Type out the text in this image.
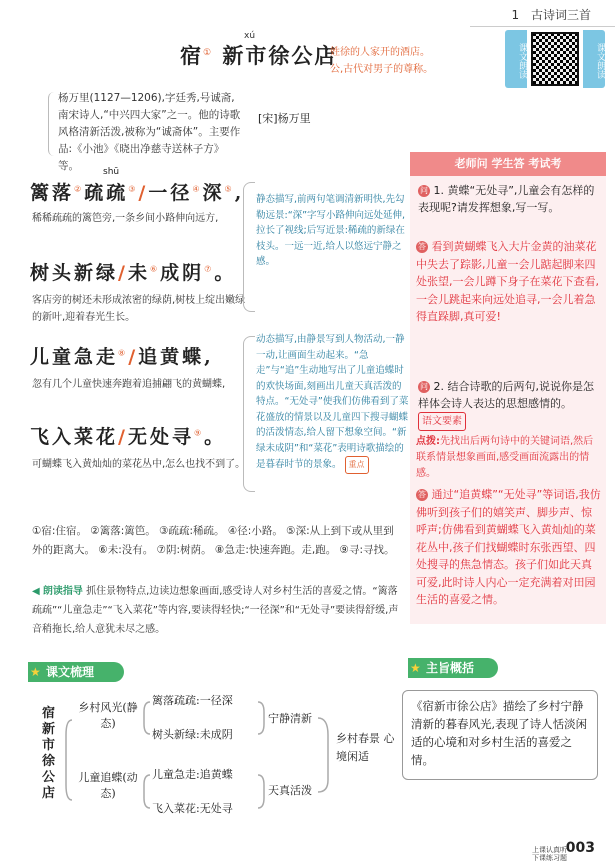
1 古诗词三首
xú
宿① 新市徐公店
姓徐的人家开的酒店。
公,古代对男子的尊称。	课文朗读	课文朗读
杨万里(1127—1206),字廷秀,号诚斋,南宋诗人,“中兴四大家”之一。他的诗歌风格清新活泼,被称为“诚斋体”。主要作品:《小池》《晓出净慈寺送林子方》等。
[宋]杨万里
shū
篱落②疏疏③/一径④深⑤,
稀稀疏疏的篱笆旁,一条乡间小路伸向远方,
树头新绿/未⑥成阴⑦。
客店旁的树还未形成浓密的绿荫,树枝上绽出嫩绿的新叶,迎着春光生长。
儿童急走⑧/追黄蝶,
忽有几个儿童快速奔跑着追捕翩飞的黄蝴蝶,
飞入菜花/无处寻⑨。
可蝴蝶飞入黄灿灿的菜花丛中,怎么也找不到了。
静态描写,前两句笔调清新明快,先勾勒远景:“深”字写小路伸向远处延伸,拉长了视线;后写近景:稀疏的新绿在枝头。一远一近,给人以悠远宁静之感。
动态描写,由静景写到人物活动,一静一动,让画面生动起来。“急走”与“追”生动地写出了儿童追蝶时的欢快场面,刻画出儿童天真活泼的特点。“无处寻”使我们仿佛看到了菜花盛放的情景以及儿童四下搜寻蝴蝶的活泼情态,给人留下想象空间。“新绿未成阴”和“菜花”表明诗歌描绘的是暮春时节的景象。 重点
老师问 学生答 考试考
问 1. 黄蝶“无处寻”,儿童会有怎样的表现呢?请发挥想象,写一写。
答 看到黄蝴蝶飞入大片金黄的油菜花中失去了踪影,儿童一会儿踮起脚来四处张望,一会儿蹲下身子在菜花下查看,一会儿跳起来向远处追寻,一会儿着急得直跺脚,真可爱!
问 2. 结合诗歌的后两句,说说你是怎样体会诗人表达的思想感情的。 语文要素
点拨:先找出后两句诗中的关键词语,然后联系情景想象画面,感受画面流露出的情感。
答 通过“追黄蝶”“无处寻”等词语,我仿佛听到孩子们的嬉笑声、脚步声、惊呼声;仿佛看到黄蝴蝶飞入黄灿灿的菜花丛中,孩子们找蝴蝶时东张西望、四处搜寻的焦急情态。孩子们如此天真可爱,此时诗人内心一定充满着对田园生活的喜爱之情。
①宿:住宿。 ②篱落:篱笆。 ③疏疏:稀疏。 ④径:小路。 ⑤深:从上到下或从里到外的距离大。 ⑥未:没有。 ⑦阴:树荫。 ⑧急走:快速奔跑。走,跑。 ⑨寻:寻找。
◀ 朗读指导 抓住景物特点,边读边想象画面,感受诗人对乡村生活的喜爱之情。“篱落疏疏”“儿童急走”“飞入菜花”等内容,要读得轻快;“一径深”和“无处寻”要读得舒缓,声音稍拖长,给人意犹未尽之感。
★ 课文梳理
宿新市徐公店
乡村风光(静态)
篱落疏疏:一径深
树头新绿:未成阴
宁静清新
儿童追蝶(动态)
儿童急走:追黄蝶
飞入菜花:无处寻
天真活泼
乡村春景 心境闲适
★ 主旨概括
《宿新市徐公店》描绘了乡村宁静清新的暮春风光,表现了诗人恬淡闲适的心境和对乡村生活的喜爱之情。
上课认真听
下课练习题
003
